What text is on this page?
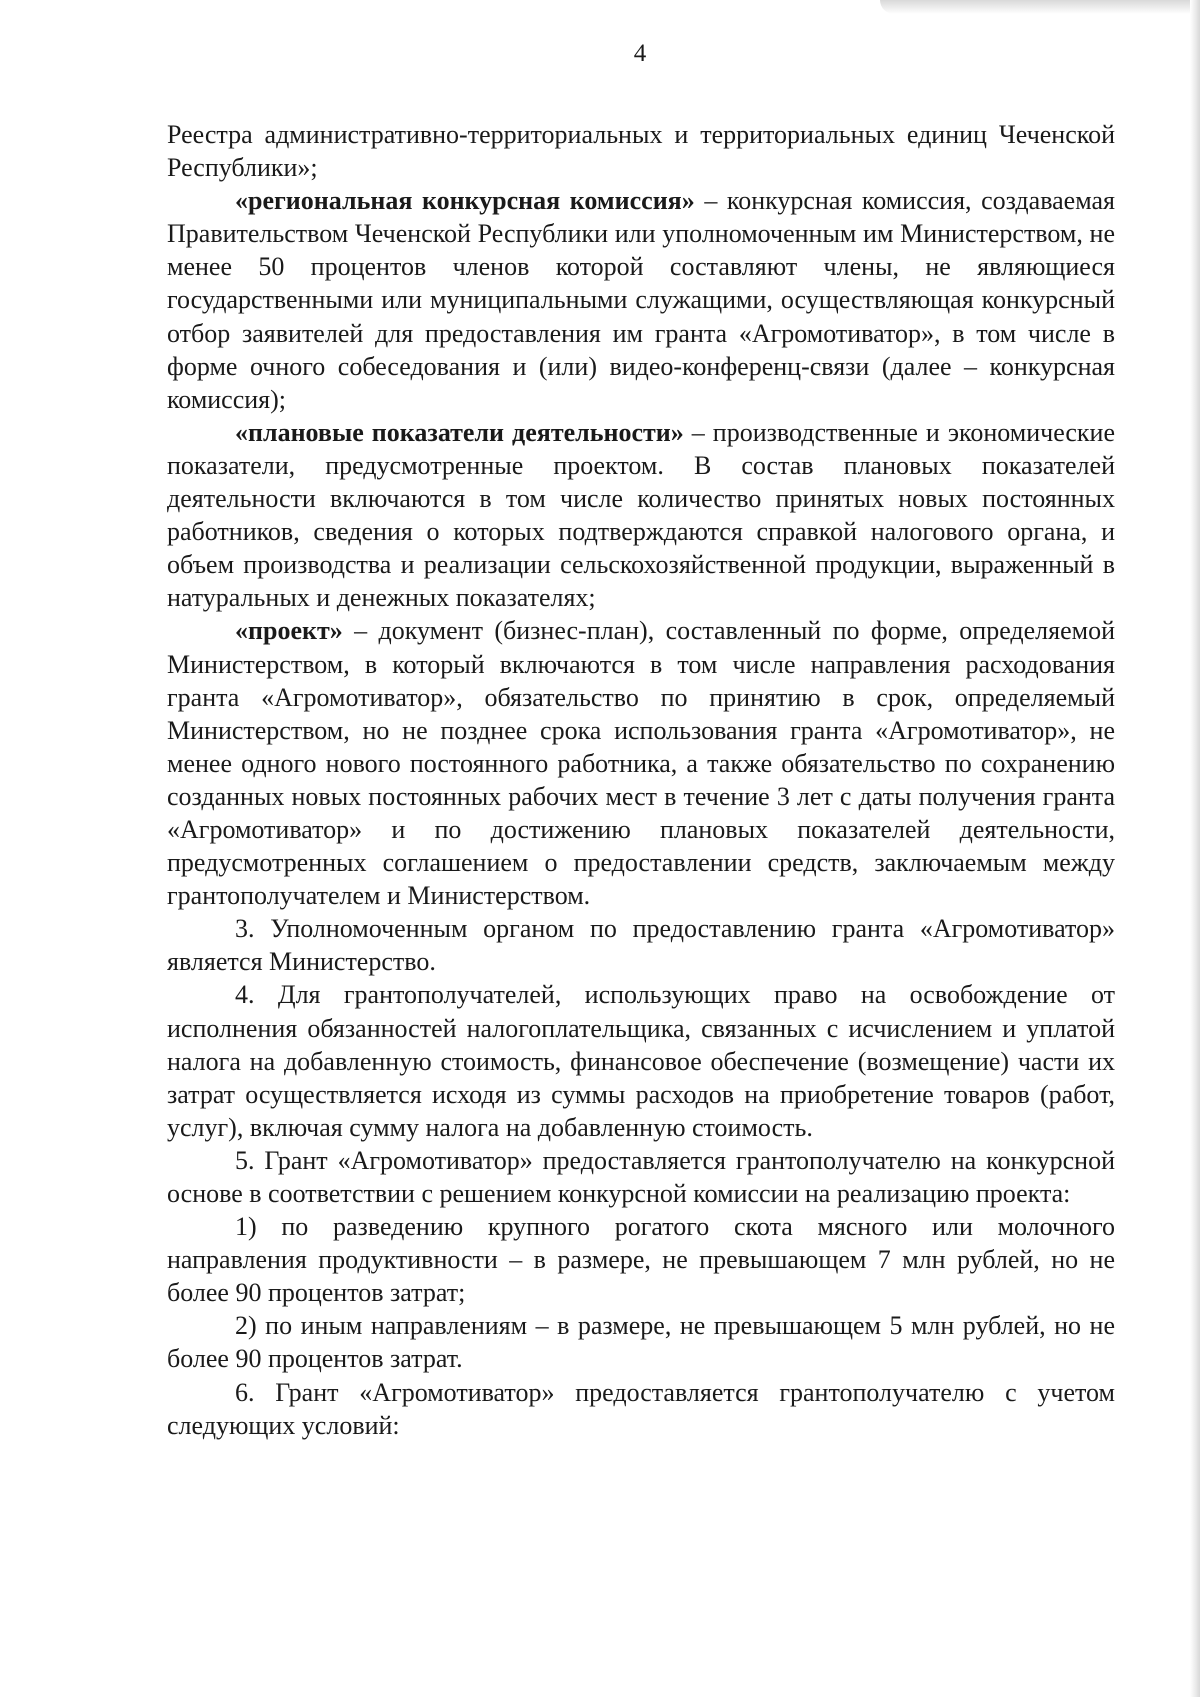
4

Реестра административно-территориальных и территориальных единиц Чеченской Республики»;

«региональная конкурсная комиссия» – конкурсная комиссия, создаваемая Правительством Чеченской Республики или уполномоченным им Министерством, не менее 50 процентов членов которой составляют члены, не являющиеся государственными или муниципальными служащими, осуществляющая конкурсный отбор заявителей для предоставления им гранта «Агромотиватор», в том числе в форме очного собеседования и (или) видео-конференц-связи (далее – конкурсная комиссия);

«плановые показатели деятельности» – производственные и экономические показатели, предусмотренные проектом. В состав плановых показателей деятельности включаются в том числе количество принятых новых постоянных работников, сведения о которых подтверждаются справкой налогового органа, и объем производства и реализации сельскохозяйственной продукции, выраженный в натуральных и денежных показателях;

«проект» – документ (бизнес-план), составленный по форме, определяемой Министерством, в который включаются в том числе направления расходования гранта «Агромотиватор», обязательство по принятию в срок, определяемый Министерством, но не позднее срока использования гранта «Агромотиватор», не менее одного нового постоянного работника, а также обязательство по сохранению созданных новых постоянных рабочих мест в течение 3 лет с даты получения гранта «Агромотиватор» и по достижению плановых показателей деятельности, предусмотренных соглашением о предоставлении средств, заключаемым между грантополучателем и Министерством.

3. Уполномоченным органом по предоставлению гранта «Агромотиватор» является Министерство.

4. Для грантополучателей, использующих право на освобождение от исполнения обязанностей налогоплательщика, связанных с исчислением и уплатой налога на добавленную стоимость, финансовое обеспечение (возмещение) части их затрат осуществляется исходя из суммы расходов на приобретение товаров (работ, услуг), включая сумму налога на добавленную стоимость.

5. Грант «Агромотиватор» предоставляется грантополучателю на конкурсной основе в соответствии с решением конкурсной комиссии на реализацию проекта:

1) по разведению крупного рогатого скота мясного или молочного направления продуктивности – в размере, не превышающем 7 млн рублей, но не более 90 процентов затрат;

2) по иным направлениям – в размере, не превышающем 5 млн рублей, но не более 90 процентов затрат.

6. Грант «Агромотиватор» предоставляется грантополучателю с учетом следующих условий:
